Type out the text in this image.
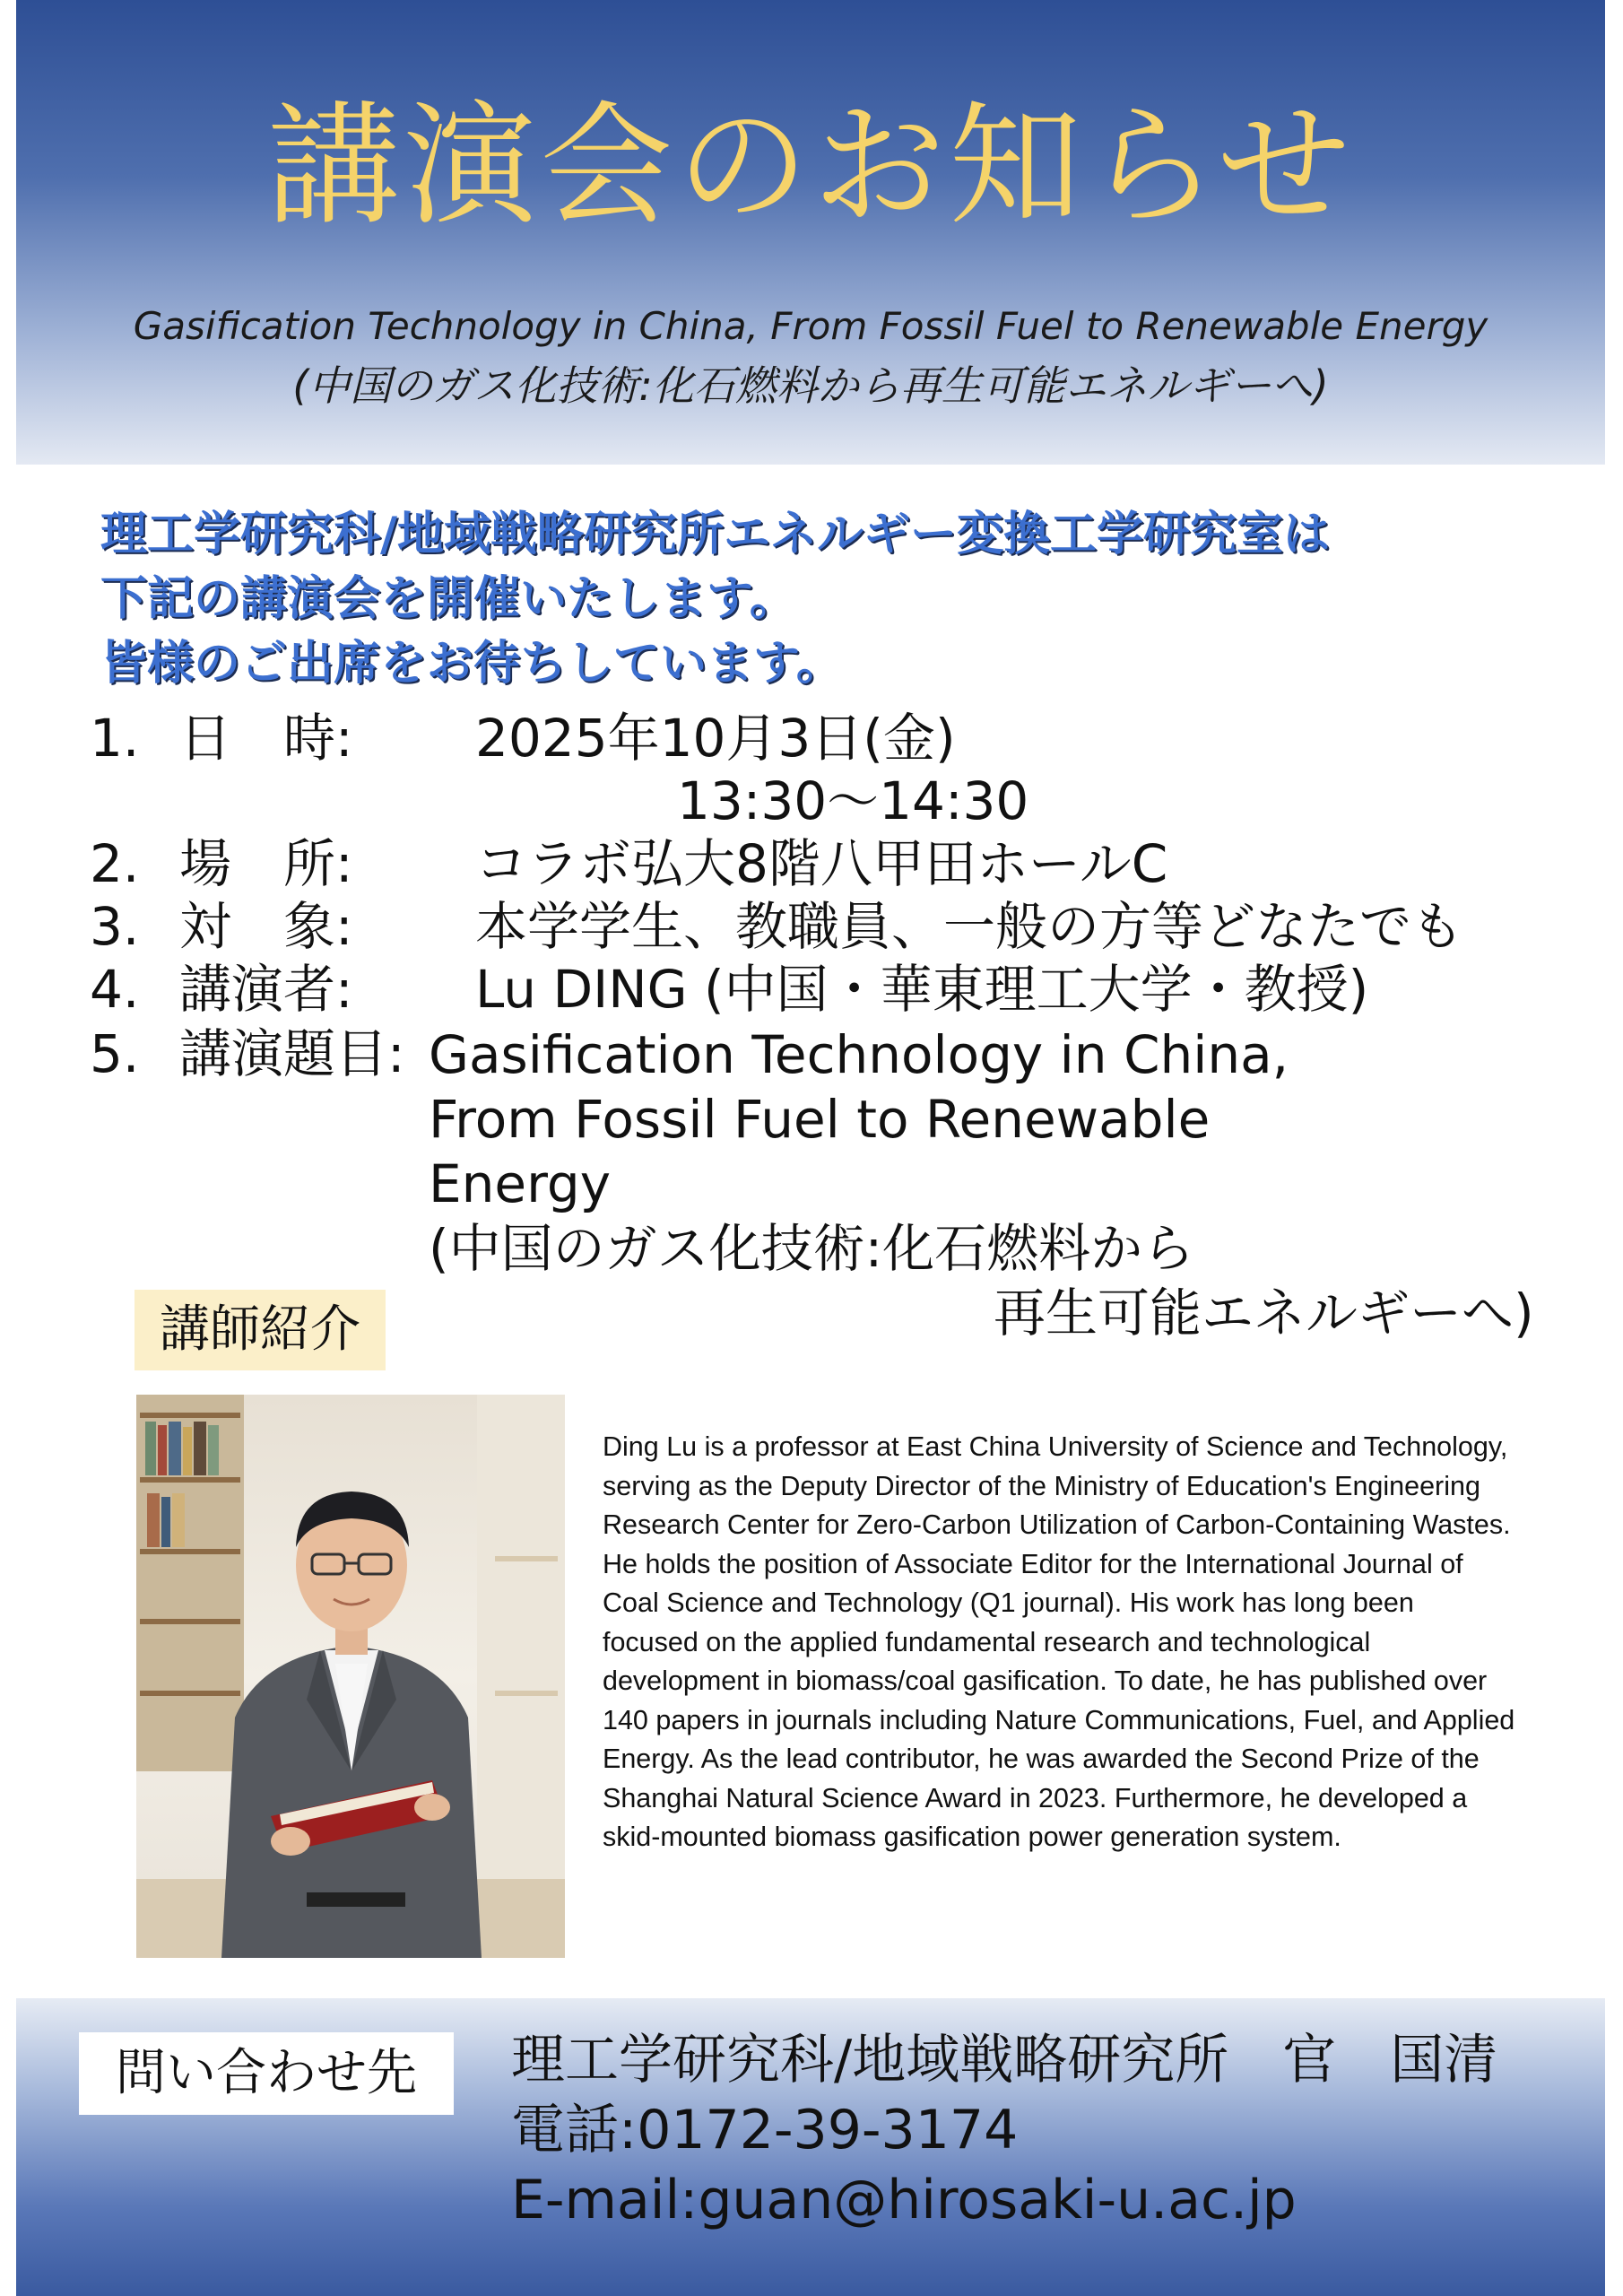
講演会のお知らせ
Gasification Technology in China, From Fossil Fuel to Renewable Energy
(中国のガス化技術:化石燃料から再生可能エネルギーへ)
理工学研究科/地域戦略研究所エネルギー変換工学研究室は
下記の講演会を開催いたします。
皆様のご出席をお待ちしています。
1. 日　時: 2025年10月3日(金)
13:30〜14:30
2. 場　所: コラボ弘大8階八甲田ホールC
3. 対　象: 本学学生、教職員、一般の方等どなたでも
4. 講演者:Lu DING (中国・華東理工大学・教授)
5. 講演題目: Gasification Technology in China,
From Fossil Fuel to Renewable
Energy
(中国のガス化技術:化石燃料から
再生可能エネルギーへ)
講師紹介
Ding Lu is a professor at East China University of Science and Technology, serving as the Deputy Director of the Ministry of Education's Engineering Research Center for Zero-Carbon Utilization of Carbon-Containing Wastes. He holds the position of Associate Editor for the International Journal of Coal Science and Technology (Q1 journal). His work has long been focused on the applied fundamental research and technological development in biomass/coal gasification. To date, he has published over 140 papers in journals including Nature Communications, Fuel, and Applied Energy. As the lead contributor, he was awarded the Second Prize of the Shanghai Natural Science Award in 2023. Furthermore, he developed a skid-mounted biomass gasification power generation system.
問い合わせ先	理工学研究科/地域戦略研究所　官　国清
電話:0172-39-3174
E-mail:guan@hirosaki-u.ac.jp
